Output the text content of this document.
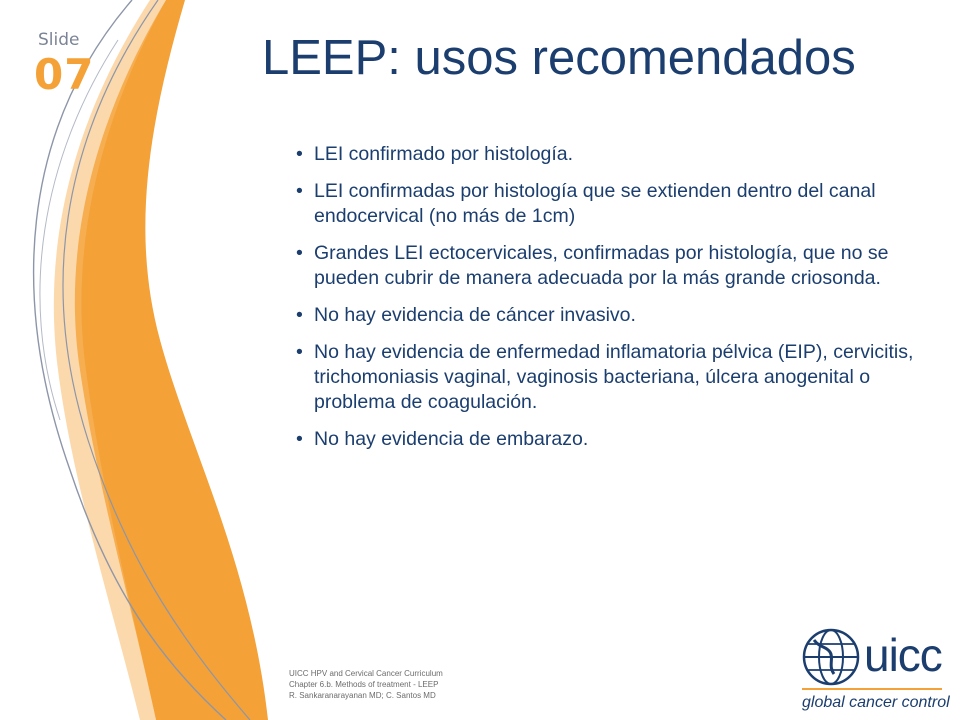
Slide
07	LEEP: usos recomendados
• LEI confirmado por histología.
• LEI confirmadas por histología que se extienden dentro del canal endocervical (no más de 1cm)
• Grandes LEI ectocervicales, confirmadas por histología, que no se pueden cubrir de manera adecuada por la más grande criosonda.
• No hay evidencia de cáncer invasivo.
• No hay evidencia de enfermedad inflamatoria pélvica (EIP), cervicitis, trichomoniasis vaginal, vaginosis bacteriana, úlcera anogenital o problema de coagulación.
• No hay evidencia de embarazo.
UICC HPV and Cervical Cancer Curriculum
Chapter 6.b. Methods of treatment - LEEP
R. Sankaranarayanan MD; C. Santos MD
uicc
global cancer control
